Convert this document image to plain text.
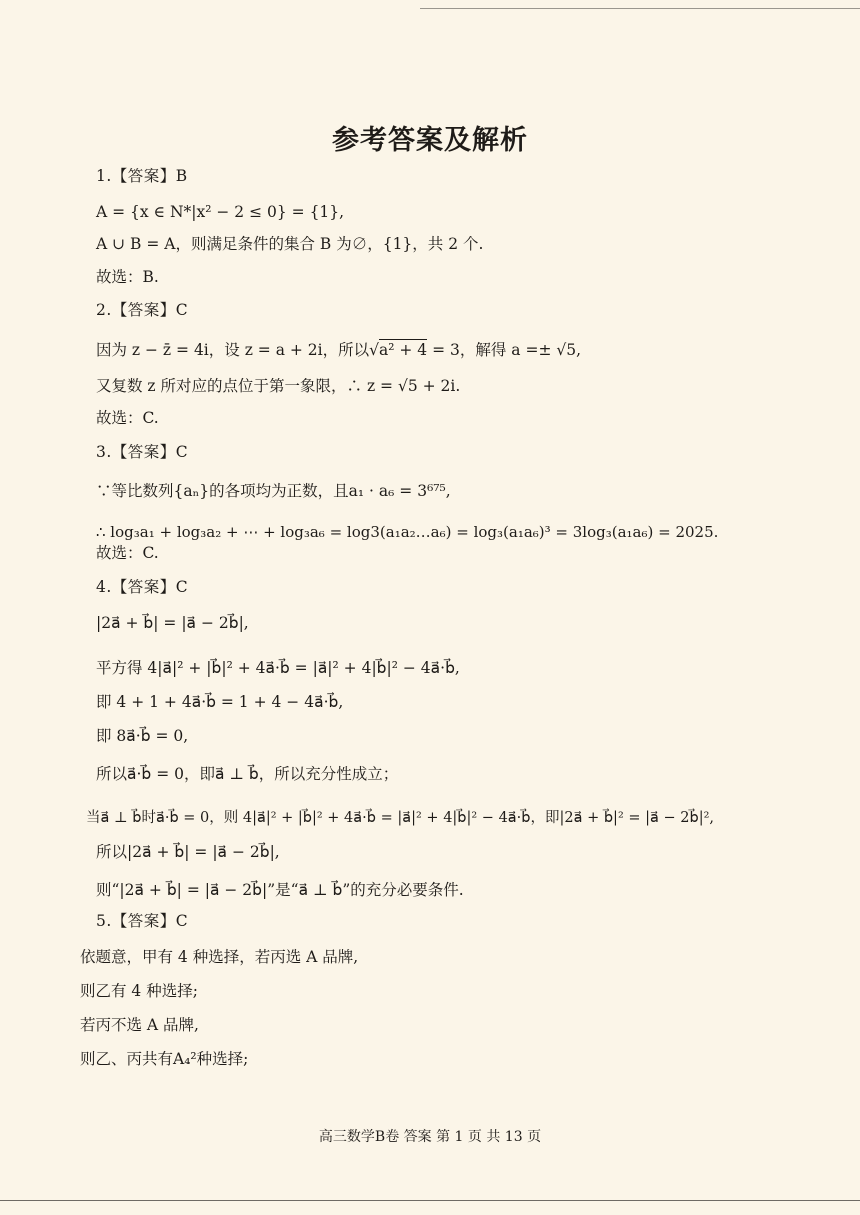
参考答案及解析
1.【答案】B
A = {x ∈ N*|x² − 2 ≤ 0} = {1},
A ∪ B = A，则满足条件的集合 B 为∅，{1}，共 2 个.
故选：B.
2.【答案】C
因为 z − z̄ = 4i，设 z = a + 2i，所以√a² + 4 = 3，解得 a =± √5,
又复数 z 所对应的点位于第一象限，∴ z = √5 + 2i.
故选：C.
3.【答案】C
∵等比数列{aₙ}的各项均为正数，且a₁ · a₆ = 3⁶⁷⁵,
∴ log₃a₁ + log₃a₂ + ⋯ + log₃a₆ = log3(a₁a₂…a₆) = log₃(a₁a₆)³ = 3log₃(a₁a₆) = 2025.
故选：C.
4.【答案】C
|2a⃗ + b⃗| = |a⃗ − 2b⃗|,
平方得 4|a⃗|² + |b⃗|² + 4a⃗·b⃗ = |a⃗|² + 4|b⃗|² − 4a⃗·b⃗,
即 4 + 1 + 4a⃗·b⃗ = 1 + 4 − 4a⃗·b⃗,
即 8a⃗·b⃗ = 0,
所以a⃗·b⃗ = 0，即a⃗ ⊥ b⃗，所以充分性成立；
当a⃗ ⊥ b⃗时a⃗·b⃗ = 0，则 4|a⃗|² + |b⃗|² + 4a⃗·b⃗ = |a⃗|² + 4|b⃗|² − 4a⃗·b⃗，即|2a⃗ + b⃗|² = |a⃗ − 2b⃗|²,
所以|2a⃗ + b⃗| = |a⃗ − 2b⃗|,
则“|2a⃗ + b⃗| = |a⃗ − 2b⃗|”是“a⃗ ⊥ b⃗”的充分必要条件.
5.【答案】C
依题意，甲有 4 种选择，若丙选 A 品牌,
则乙有 4 种选择;
若丙不选 A 品牌,
则乙、丙共有A₄²种选择;
高三数学B卷 答案 第 1 页 共 13 页
